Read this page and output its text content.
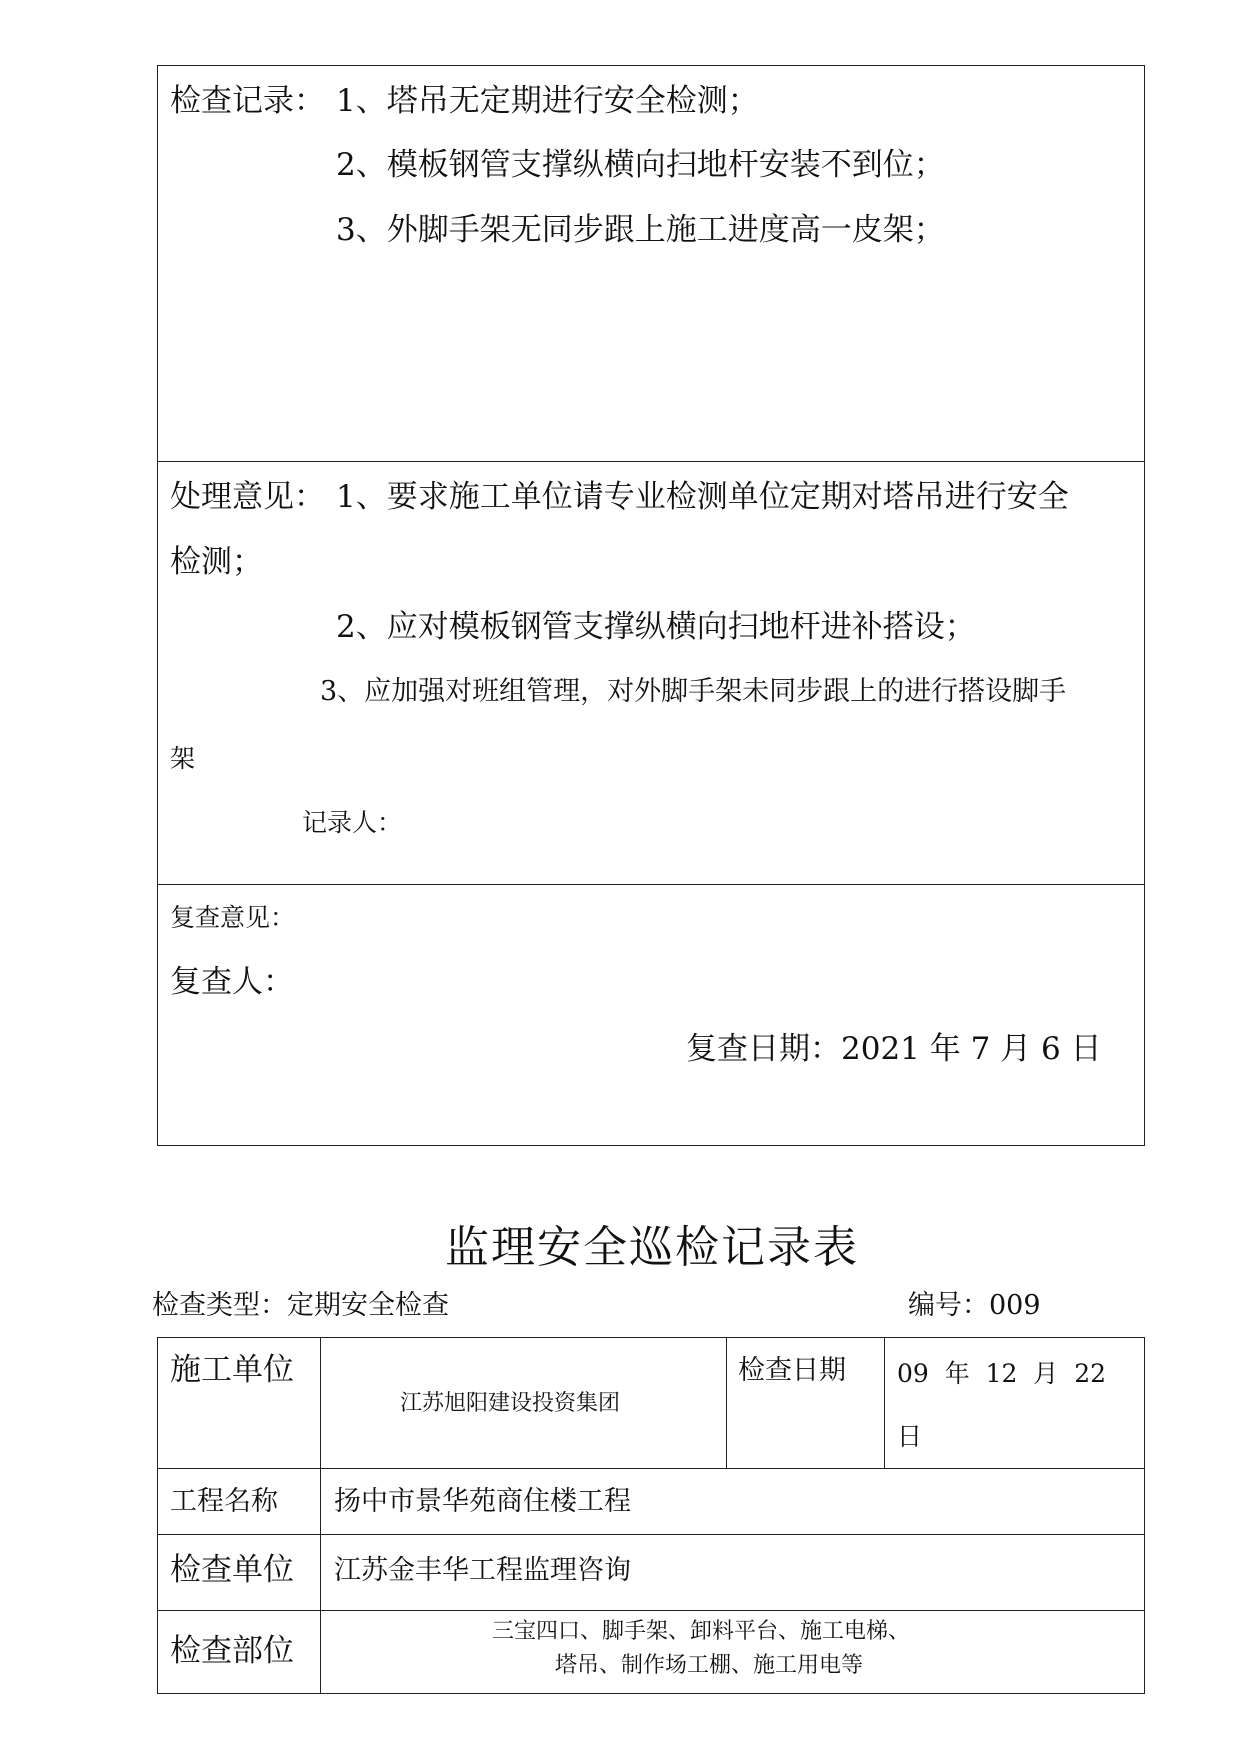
检查记录： 1、塔吊无定期进行安全检测；
2、模板钢管支撑纵横向扫地杆安装不到位；
3、外脚手架无同步跟上施工进度高一皮架；
处理意见： 1、要求施工单位请专业检测单位定期对塔吊进行安全
检测；
2、应对模板钢管支撑纵横向扫地杆进补搭设；
3、应加强对班组管理，对外脚手架未同步跟上的进行搭设脚手
架
记录人：
复查意见：
复查人：
复查日期：2021 年 7 月 6 日
监理安全巡检记录表
检查类型：定期安全检查	编号：009
施工单位
江苏旭阳建设投资集团
检查日期 09  年  12  月  22
日
工程名称 扬中市景华苑商住楼工程
检查单位 江苏金丰华工程监理咨询
检查部位
三宝四口、脚手架、卸料平台、施工电梯、
塔吊、制作场工棚、施工用电等
